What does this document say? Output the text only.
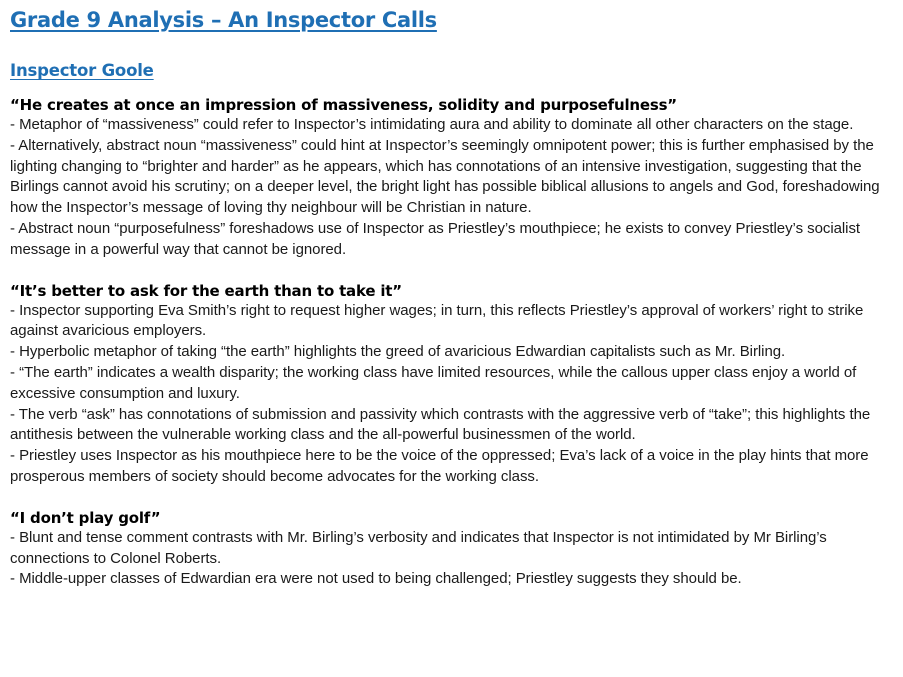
Grade 9 Analysis – An Inspector Calls
Inspector Goole
“He creates at once an impression of massiveness, solidity and purposefulness”
- Metaphor of “massiveness” could refer to Inspector’s intimidating aura and ability to dominate all other characters on the stage.
- Alternatively, abstract noun “massiveness” could hint at Inspector’s seemingly omnipotent power; this is further emphasised by the lighting changing to “brighter and harder” as he appears, which has connotations of an intensive investigation, suggesting that the Birlings cannot avoid his scrutiny; on a deeper level, the bright light has possible biblical allusions to angels and God, foreshadowing how the Inspector’s message of loving thy neighbour will be Christian in nature.
- Abstract noun “purposefulness” foreshadows use of Inspector as Priestley’s mouthpiece; he exists to convey Priestley’s socialist message in a powerful way that cannot be ignored.
“It’s better to ask for the earth than to take it”
- Inspector supporting Eva Smith’s right to request higher wages; in turn, this reflects Priestley’s approval of workers’ right to strike against avaricious employers.
- Hyperbolic metaphor of taking “the earth” highlights the greed of avaricious Edwardian capitalists such as Mr. Birling.
- “The earth” indicates a wealth disparity; the working class have limited resources, while the callous upper class enjoy a world of excessive consumption and luxury.
- The verb “ask” has connotations of submission and passivity which contrasts with the aggressive verb of “take”; this highlights the antithesis between the vulnerable working class and the all-powerful businessmen of the world.
- Priestley uses Inspector as his mouthpiece here to be the voice of the oppressed; Eva’s lack of a voice in the play hints that more prosperous members of society should become advocates for the working class.
“I don’t play golf”
- Blunt and tense comment contrasts with Mr. Birling’s verbosity and indicates that Inspector is not intimidated by Mr Birling’s connections to Colonel Roberts.
- Middle-upper classes of Edwardian era were not used to being challenged; Priestley suggests they should be.
